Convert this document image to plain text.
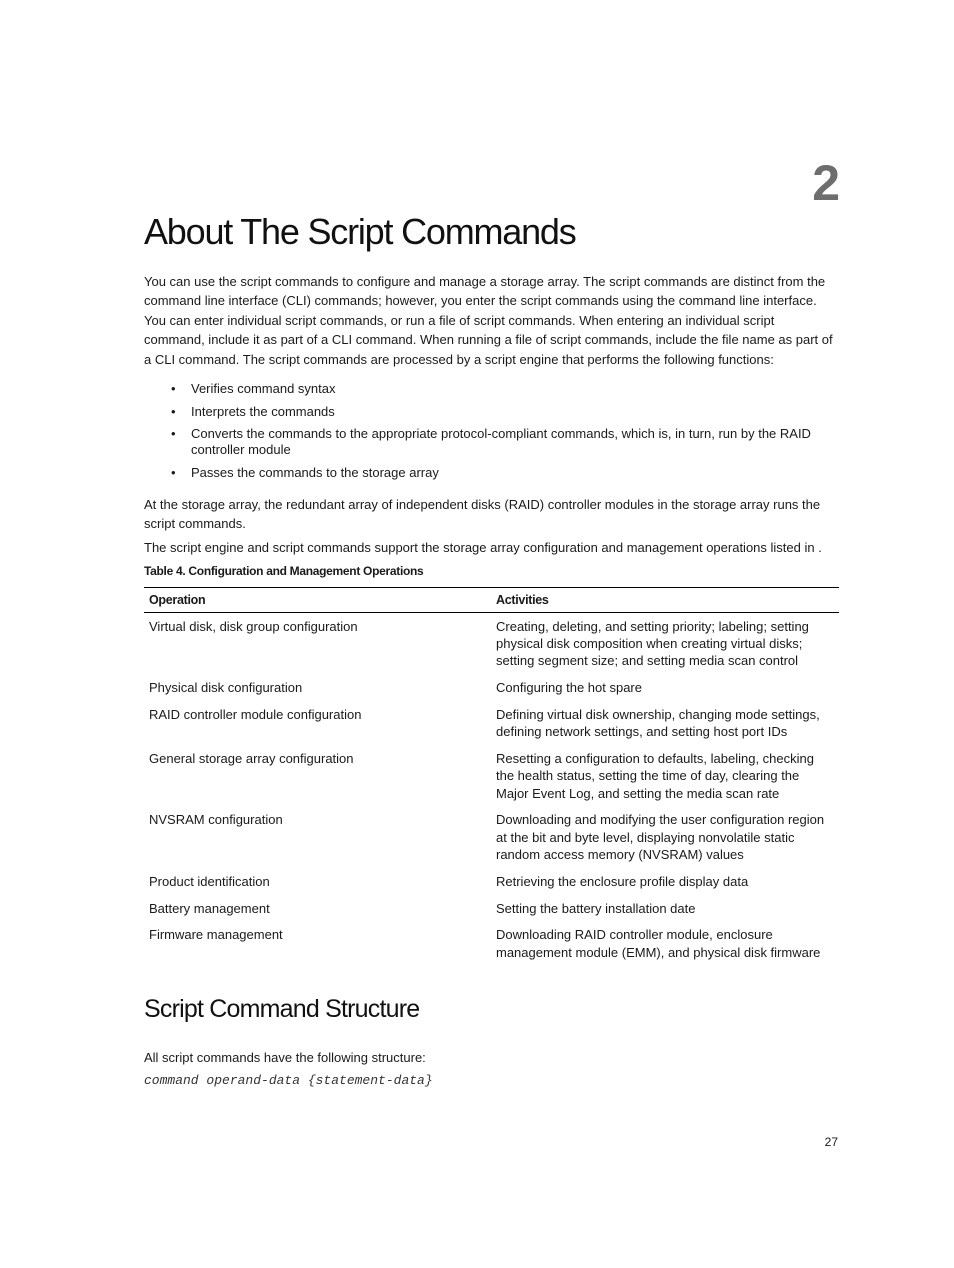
2
About The Script Commands

You can use the script commands to configure and manage a storage array. The script commands are distinct from the command line interface (CLI) commands; however, you enter the script commands using the command line interface. You can enter individual script commands, or run a file of script commands. When entering an individual script command, include it as part of a CLI command. When running a file of script commands, include the file name as part of a CLI command. The script commands are processed by a script engine that performs the following functions:

• Verifies command syntax
• Interprets the commands
• Converts the commands to the appropriate protocol-compliant commands, which is, in turn, run by the RAID controller module
• Passes the commands to the storage array

At the storage array, the redundant array of independent disks (RAID) controller modules in the storage array runs the script commands.

The script engine and script commands support the storage array configuration and management operations listed in .

Table 4. Configuration and Management Operations
Operation	Activities
Virtual disk, disk group configuration	Creating, deleting, and setting priority; labeling; setting physical disk composition when creating virtual disks; setting segment size; and setting media scan control
Physical disk configuration	Configuring the hot spare
RAID controller module configuration	Defining virtual disk ownership, changing mode settings, defining network settings, and setting host port IDs
General storage array configuration	Resetting a configuration to defaults, labeling, checking the health status, setting the time of day, clearing the Major Event Log, and setting the media scan rate
NVSRAM configuration	Downloading and modifying the user configuration region at the bit and byte level, displaying nonvolatile static random access memory (NVSRAM) values
Product identification	Retrieving the enclosure profile display data
Battery management	Setting the battery installation date
Firmware management	Downloading RAID controller module, enclosure management module (EMM), and physical disk firmware
Script Command Structure

All script commands have the following structure:

command operand-data {statement-data}
27
